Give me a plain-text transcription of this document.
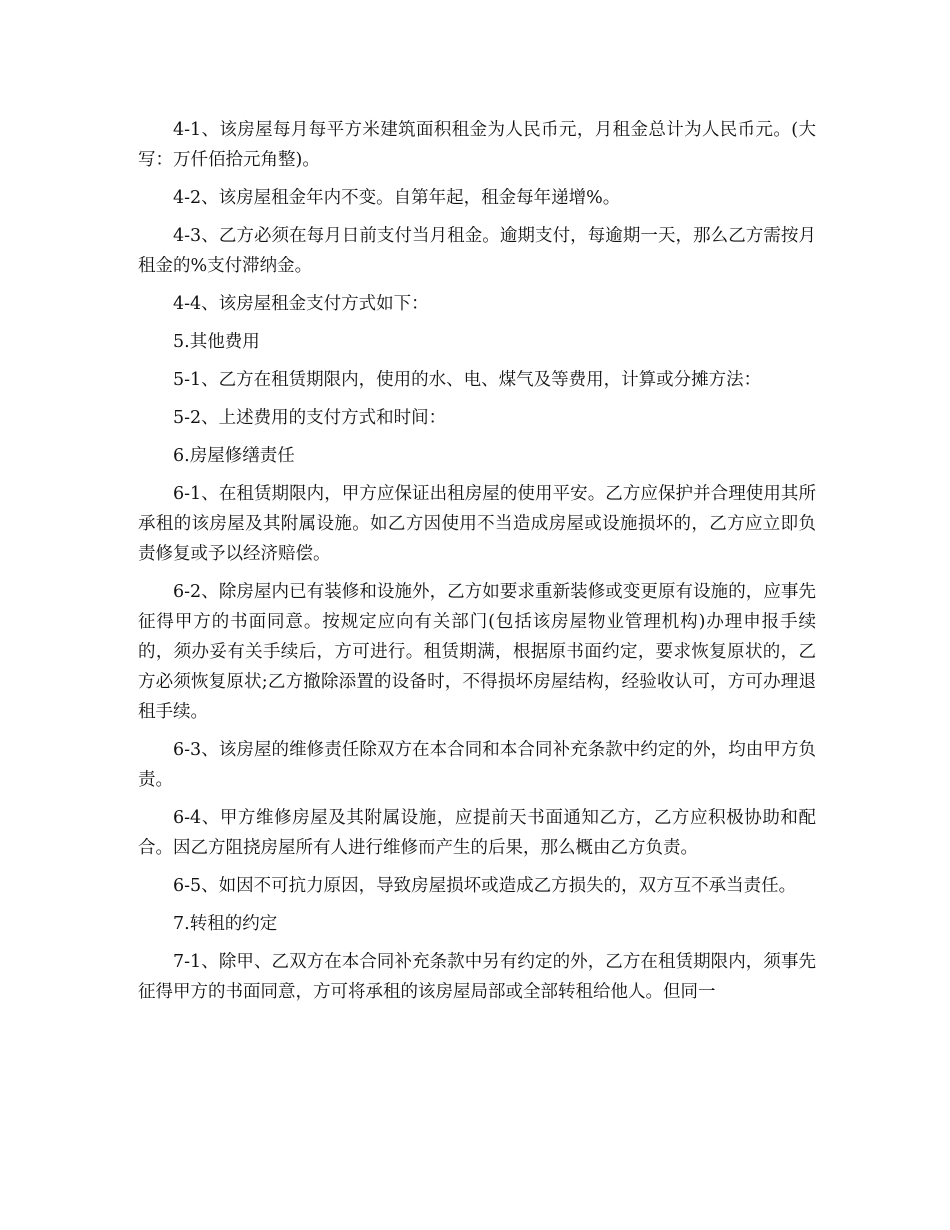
4-1、该房屋每月每平方米建筑面积租金为人民币元，月租金总计为人民币元。(大写：万仟佰拾元角整)。

4-2、该房屋租金年内不变。自第年起，租金每年递增%。

4-3、乙方必须在每月日前支付当月租金。逾期支付，每逾期一天，那么乙方需按月租金的%支付滞纳金。

4-4、该房屋租金支付方式如下：

5.其他费用

5-1、乙方在租赁期限内，使用的水、电、煤气及等费用，计算或分摊方法：

5-2、上述费用的支付方式和时间：

6.房屋修缮责任

6-1、在租赁期限内，甲方应保证出租房屋的使用平安。乙方应保护并合理使用其所承租的该房屋及其附属设施。如乙方因使用不当造成房屋或设施损坏的，乙方应立即负责修复或予以经济赔偿。

6-2、除房屋内已有装修和设施外，乙方如要求重新装修或变更原有设施的，应事先征得甲方的书面同意。按规定应向有关部门(包括该房屋物业管理机构)办理申报手续的，须办妥有关手续后，方可进行。租赁期满，根据原书面约定，要求恢复原状的，乙方必须恢复原状;乙方撤除添置的设备时，不得损坏房屋结构，经验收认可，方可办理退租手续。

6-3、该房屋的维修责任除双方在本合同和本合同补充条款中约定的外，均由甲方负责。

6-4、甲方维修房屋及其附属设施，应提前天书面通知乙方，乙方应积极协助和配合。因乙方阻挠房屋所有人进行维修而产生的后果，那么概由乙方负责。

6-5、如因不可抗力原因，导致房屋损坏或造成乙方损失的，双方互不承当责任。

7.转租的约定

7-1、除甲、乙双方在本合同补充条款中另有约定的外，乙方在租赁期限内，须事先征得甲方的书面同意，方可将承租的该房屋局部或全部转租给他人。但同一
